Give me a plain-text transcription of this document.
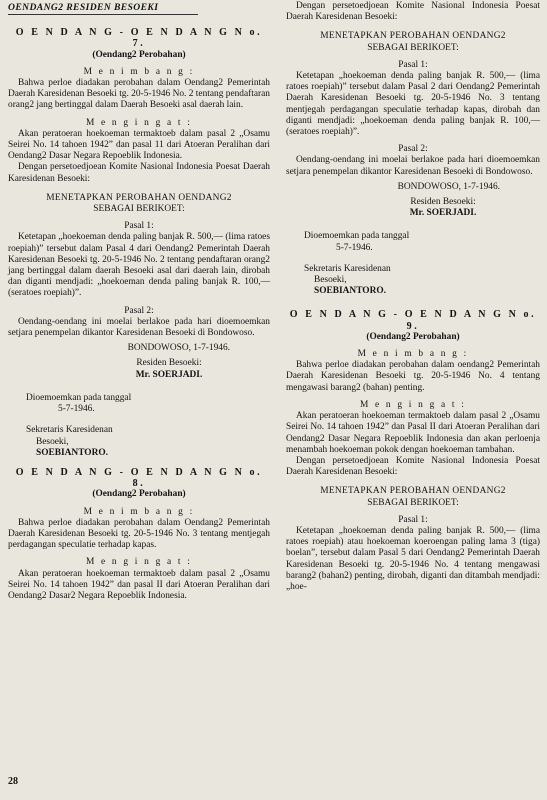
OENDANG2 RESIDEN BESOEKI
O E N D A N G - O E N D A N G N o. 7.
(Oendang2 Perobahan)
M e n i m b a n g :

Bahwa perloe diadakan perobahan dalam Oendang2 Pemerintah Daerah Karesidenan Besoeki tg. 20-5-1946 No. 2 tentang pendaftaran orang2 jang bertinggal dalam Daerah Besoeki asal daerah lain.

M e n g i n g a t :

Akan peratoeran hoekoeman termaktoeb dalam pasal 2 „Osamu Seirei No. 14 tahoen 1942” dan pasal 11 dari Atoeran Peralihan dari Oendang2 Dasar Negara Repoeblik Indonesia.

Dengan persetoedjoean Komite Nasional Indonesia Poesat Daerah Karesidenan Besoeki:

MENETAPKAN PEROBAHAN OENDANG2
SEBAGAI BERIKOET:
Pasal 1:

Ketetapan „hoekoeman denda paling banjak R. 500,— (lima ratoes roepiah)” tersebut dalam Pasal 4 dari Oendang2 Pemerintah Daerah Karesidenan Besoeki tg. 20-5-1946 No. 2 tentang pendaftaran orang2 jang bertinggal dalam daerah Besoeki asal dari daerah lain, dirobah dan diganti mendjadi: „hoekoeman denda paling banjak R. 100,— (seratoes roepiah)”.

Pasal 2:

Oendang-oendang ini moelai berlakoe pada hari dioemoemkan setjara penempelan dikantor Karesidenan Besoeki di Bondowoso.

BONDOWOSO, 1-7-1946.
Residen Besoeki:
Mr. SOERJADI.
Dioemoemkan pada tanggal
5-7-1946.
Sekretaris Karesidenan
Besoeki,
SOEBIANTORO.
O E N D A N G - O E N D A N G N o. 8.
(Oendang2 Perobahan)
M e n i m b a n g :

Bahwa perloe diadakan perobahan dalam Oendang2 Pemerintah Daerah Karesidenan Besoeki tg. 20-5-1946 No. 3 tentang mentjegah perdagangan speculatie terhadap kapas.

M e n g i n g a t :

Akan peratoeran hoekoeman termaktoeb dalam pasal 2 „Osamu Seirei No. 14 tahoen 1942” dan pasal II dari Atoeran Peralihan dari Oendang2 Dasar2 Negara Repoeblik Indonesia.

Dengan persetoedjoean Komite Nasional Indonesia Poesat Daerah Karesidenan Besoeki:

MENETAPKAN PEROBAHAN OENDANG2
SEBAGAI BERIKOET:
Pasal 1:

Ketetapan „hoekoeman denda paling banjak R. 500,— (lima ratoes roepiah)” tersebut dalam Pasal 2 dari Oendang2 Pemerintah Daerah Karesidenan Besoeki tg. 20-5-1946 No. 3 tentang mentjegah perdagangan speculatie terhadap kapas, dirobah dan diganti mendjadi: „hoekoeman denda paling banjak R. 100,— (seratoes roepiah)”.

Pasal 2:

Oendang-oendang ini moelai berlakoe pada hari dioemoemkan setjara penempelan dikantor Karesidenan Besoeki di Bondowoso.

BONDOWOSO, 1-7-1946.
Residen Besoeki:
Mr. SOERJADI.
Dioemoemkan pada tanggal
5-7-1946.
Sekretaris Karesidenan
Besoeki,
SOEBIANTORO.
O E N D A N G - O E N D A N G N o. 9.
(Oendang2 Perobahan)
M e n i m b a n g :

Bahwa perloe diadakan perobahan dalam oendang2 Pemerintah Daerah Karesidenan Besoeki tg. 20-5-1946 No. 4 tentang mengawasi barang2 (bahan) penting.

M e n g i n g a t :

Akan peratoeran hoekoeman termaktoeb dalam pasal 2 „Osamu Seirei No. 14 tahoen 1942” dan Pasal II dari Atoeran Peralihan dari Oendang2 Dasar Negara Repoeblik Indonesia dan akan perloenja menambah hoekoeman pokok dengan hoekoeman tambahan.

Dengan persetoedjoean Komite Nasional Indonesia Poesat Daerah Karesidenan Besoeki:

MENETAPKAN PEROBAHAN OENDANG2
SEBAGAI BERIKOET:
Pasal 1:

Ketetapan „hoekoeman denda paling banjak R. 500,— (lima ratoes roepiah) atau hoekoeman koeroengan paling lama 3 (tiga) boelan”, tersebut dalam Pasal 5 dari Oendang2 Pemerintah Daerah Karesidenan Besoeki tg. 20-5-1946 No. 4 tentang mengawasi barang2 (bahan2) penting, dirobah, diganti dan ditambah mendjadi: „hoe-

28
